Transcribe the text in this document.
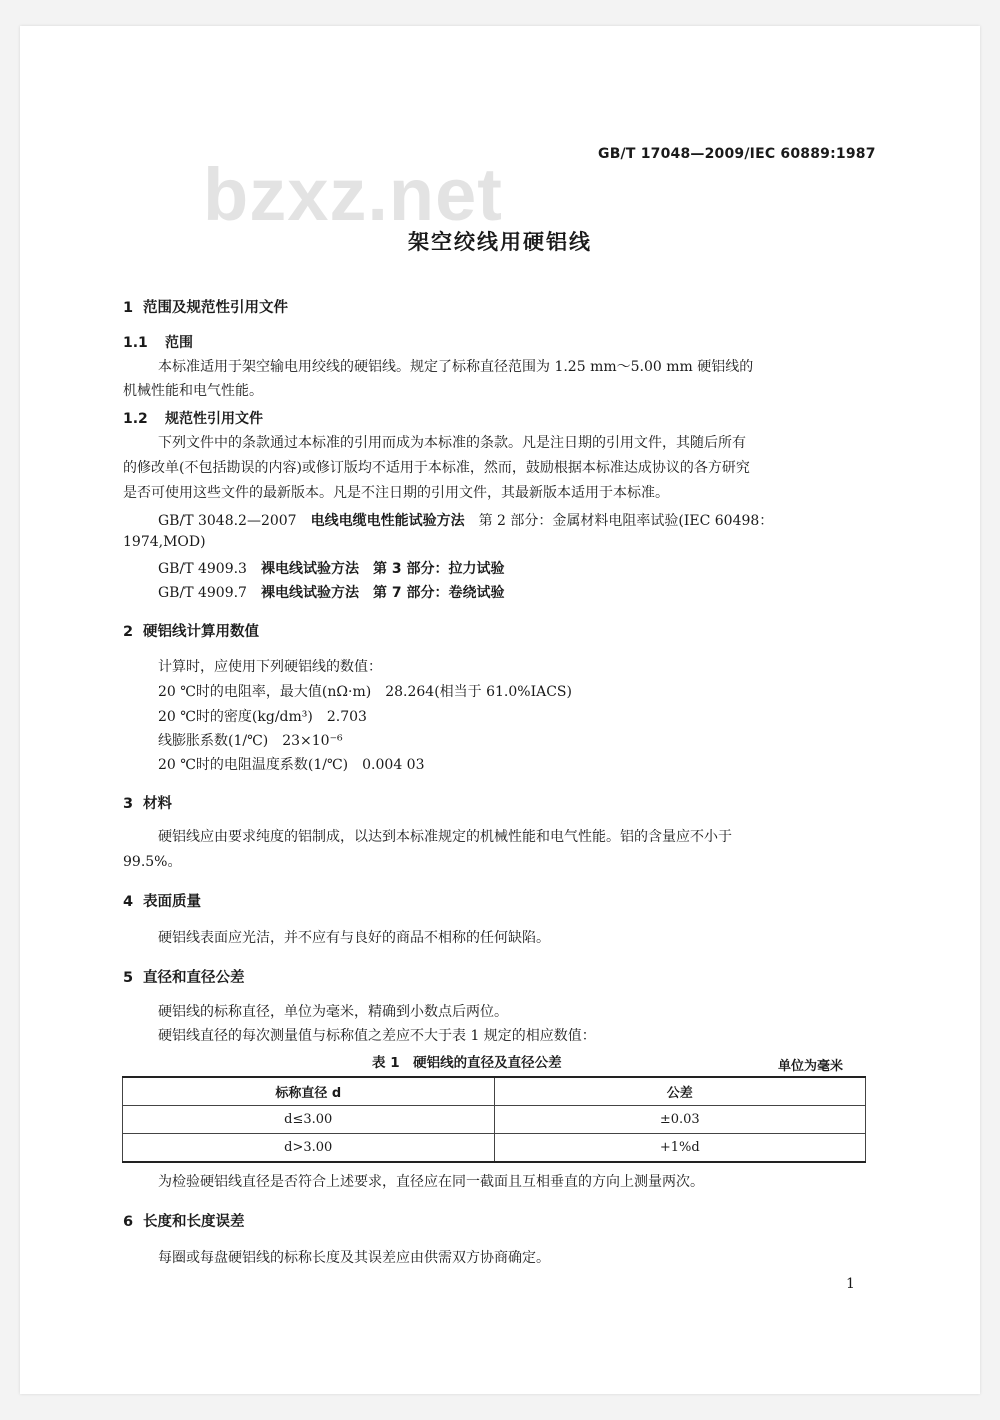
bzxz.net	GB/T 17048—2009/IEC 60889:1987
架空绞线用硬铝线
1 范围及规范性引用文件
1.1 范围
本标准适用于架空输电用绞线的硬铝线。规定了标称直径范围为 1.25 mm～5.00 mm 硬铝线的
机械性能和电气性能。
1.2 规范性引用文件
下列文件中的条款通过本标准的引用而成为本标准的条款。凡是注日期的引用文件，其随后所有
的修改单(不包括勘误的内容)或修订版均不适用于本标准，然而，鼓励根据本标准达成协议的各方研究
是否可使用这些文件的最新版本。凡是不注日期的引用文件，其最新版本适用于本标准。
GB/T 3048.2—2007　 电线电缆电性能试验方法　 第 2 部分：金属材料电阻率试验(IEC 60498：
1974,MOD)
GB/T 4909.3　 裸电线试验方法　 第 3 部分：拉力试验
GB/T 4909.7　 裸电线试验方法　 第 7 部分：卷绕试验
2 硬铝线计算用数值
计算时，应使用下列硬铝线的数值：
20 ℃时的电阻率，最大值(nΩ·m)　 28.264(相当于 61.0%IACS)
20 ℃时的密度(kg/dm³)　 2.703
线膨胀系数(1/℃)　 23×10⁻⁶
20 ℃时的电阻温度系数(1/℃)　 0.004 03
3 材料
硬铝线应由要求纯度的铝制成，以达到本标准规定的机械性能和电气性能。铝的含量应不小于
99.5%。
4 表面质量
硬铝线表面应光洁，并不应有与良好的商品不相称的任何缺陷。
5 直径和直径公差
硬铝线的标称直径，单位为毫米，精确到小数点后两位。
硬铝线直径的每次测量值与标称值之差应不大于表 1 规定的相应数值：
表 1　硬铝线的直径及直径公差	单位为毫米
标称直径 d	公差
d≤3.00	±0.03
d>3.00	+1%d
为检验硬铝线直径是否符合上述要求，直径应在同一截面且互相垂直的方向上测量两次。
6 长度和长度误差
每圈或每盘硬铝线的标称长度及其误差应由供需双方协商确定。
1
